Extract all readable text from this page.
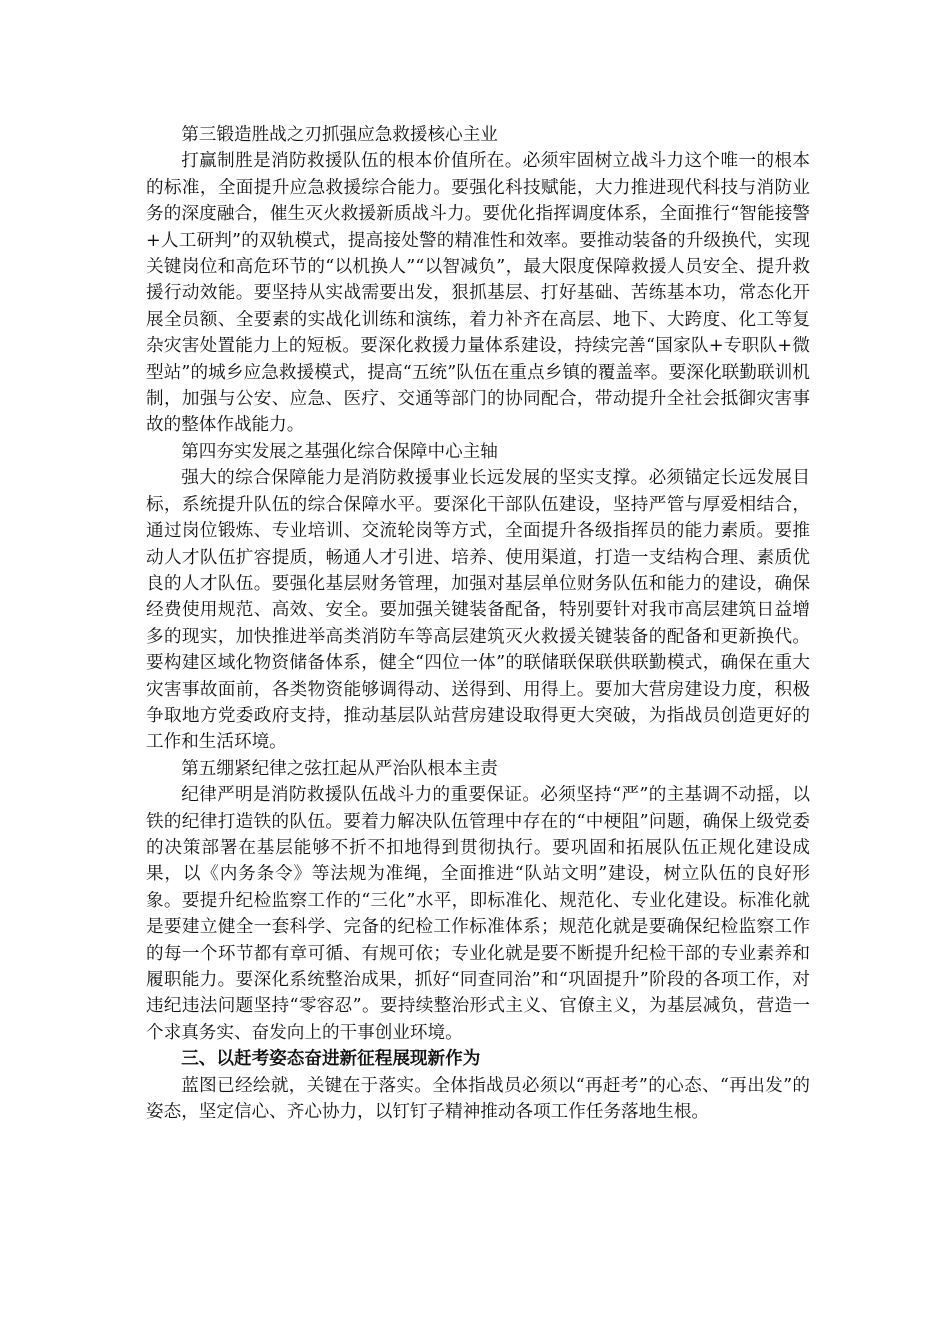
第三锻造胜战之刃抓强应急救援核心主业

打赢制胜是消防救援队伍的根本价值所在。必须牢固树立战斗力这个唯一的根本的标准，全面提升应急救援综合能力。要强化科技赋能，大力推进现代科技与消防业务的深度融合，催生灭火救援新质战斗力。要优化指挥调度体系，全面推行“智能接警+人工研判”的双轨模式，提高接处警的精准性和效率。要推动装备的升级换代，实现关键岗位和高危环节的“以机换人”“以智减负”，最大限度保障救援人员安全、提升救援行动效能。要坚持从实战需要出发，狠抓基层、打好基础、苦练基本功，常态化开展全员额、全要素的实战化训练和演练，着力补齐在高层、地下、大跨度、化工等复杂灾害处置能力上的短板。要深化救援力量体系建设，持续完善“国家队+专职队+微型站”的城乡应急救援模式，提高“五统”队伍在重点乡镇的覆盖率。要深化联勤联训机制，加强与公安、应急、医疗、交通等部门的协同配合，带动提升全社会抵御灾害事故的整体作战能力。

第四夯实发展之基强化综合保障中心主轴

强大的综合保障能力是消防救援事业长远发展的坚实支撑。必须锚定长远发展目标，系统提升队伍的综合保障水平。要深化干部队伍建设，坚持严管与厚爱相结合，通过岗位锻炼、专业培训、交流轮岗等方式，全面提升各级指挥员的能力素质。要推动人才队伍扩容提质，畅通人才引进、培养、使用渠道，打造一支结构合理、素质优良的人才队伍。要强化基层财务管理，加强对基层单位财务队伍和能力的建设，确保经费使用规范、高效、安全。要加强关键装备配备，特别要针对我市高层建筑日益增多的现实，加快推进举高类消防车等高层建筑灭火救援关键装备的配备和更新换代。要构建区域化物资储备体系，健全“四位一体”的联储联保联供联勤模式，确保在重大灾害事故面前，各类物资能够调得动、送得到、用得上。要加大营房建设力度，积极争取地方党委政府支持，推动基层队站营房建设取得更大突破，为指战员创造更好的工作和生活环境。

第五绷紧纪律之弦扛起从严治队根本主责

纪律严明是消防救援队伍战斗力的重要保证。必须坚持“严”的主基调不动摇，以铁的纪律打造铁的队伍。要着力解决队伍管理中存在的“中梗阻”问题，确保上级党委的决策部署在基层能够不折不扣地得到贯彻执行。要巩固和拓展队伍正规化建设成果，以《内务条令》等法规为准绳，全面推进“队站文明”建设，树立队伍的良好形象。要提升纪检监察工作的“三化”水平，即标准化、规范化、专业化建设。标准化就是要建立健全一套科学、完备的纪检工作标准体系；规范化就是要确保纪检监察工作的每一个环节都有章可循、有规可依；专业化就是要不断提升纪检干部的专业素养和履职能力。要深化系统整治成果，抓好“同查同治”和“巩固提升”阶段的各项工作，对违纪违法问题坚持“零容忍”。要持续整治形式主义、官僚主义，为基层减负，营造一个求真务实、奋发向上的干事创业环境。

三、以赶考姿态奋进新征程展现新作为

蓝图已经绘就，关键在于落实。全体指战员必须以“再赶考”的心态、“再出发”的姿态，坚定信心、齐心协力，以钉钉子精神推动各项工作任务落地生根。
